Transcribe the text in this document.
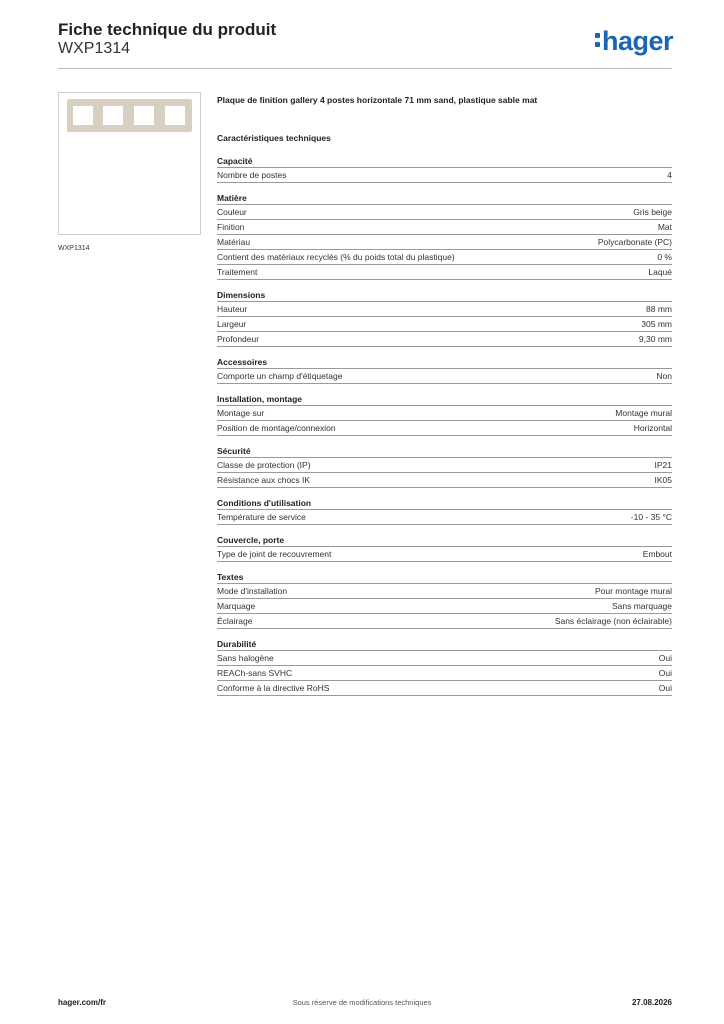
Fiche technique du produit
WXP1314	hager
WXP1314
Plaque de finition gallery 4 postes horizontale 71 mm sand, plastique sable mat
Caractéristiques techniques
Capacité
Nombre de postes	4
Matière
Couleur	Gris beige
Finition	Mat
Matériau	Polycarbonate (PC)
Contient des matériaux recyclés (% du poids total du plastique)	0 %
Traitement	Laqué
Dimensions
Hauteur	88 mm
Largeur	305 mm
Profondeur	9,30 mm
Accessoires
Comporte un champ d'étiquetage	Non
Installation, montage
Montage sur	Montage mural
Position de montage/connexion	Horizontal
Sécurité
Classe de protection (IP)	IP21
Résistance aux chocs IK	IK05
Conditions d'utilisation
Température de service	-10 - 35 °C
Couvercle, porte
Type de joint de recouvrement	Embout
Textes
Mode d'installation	Pour montage mural
Marquage	Sans marquage
Éclairage	Sans éclairage (non éclairable)
Durabilité
Sans halogène	Oui
REACh-sans SVHC	Oui
Conforme à la directive RoHS	Oui
hager.com/fr	Sous réserve de modifications techniques	27.08.2026
